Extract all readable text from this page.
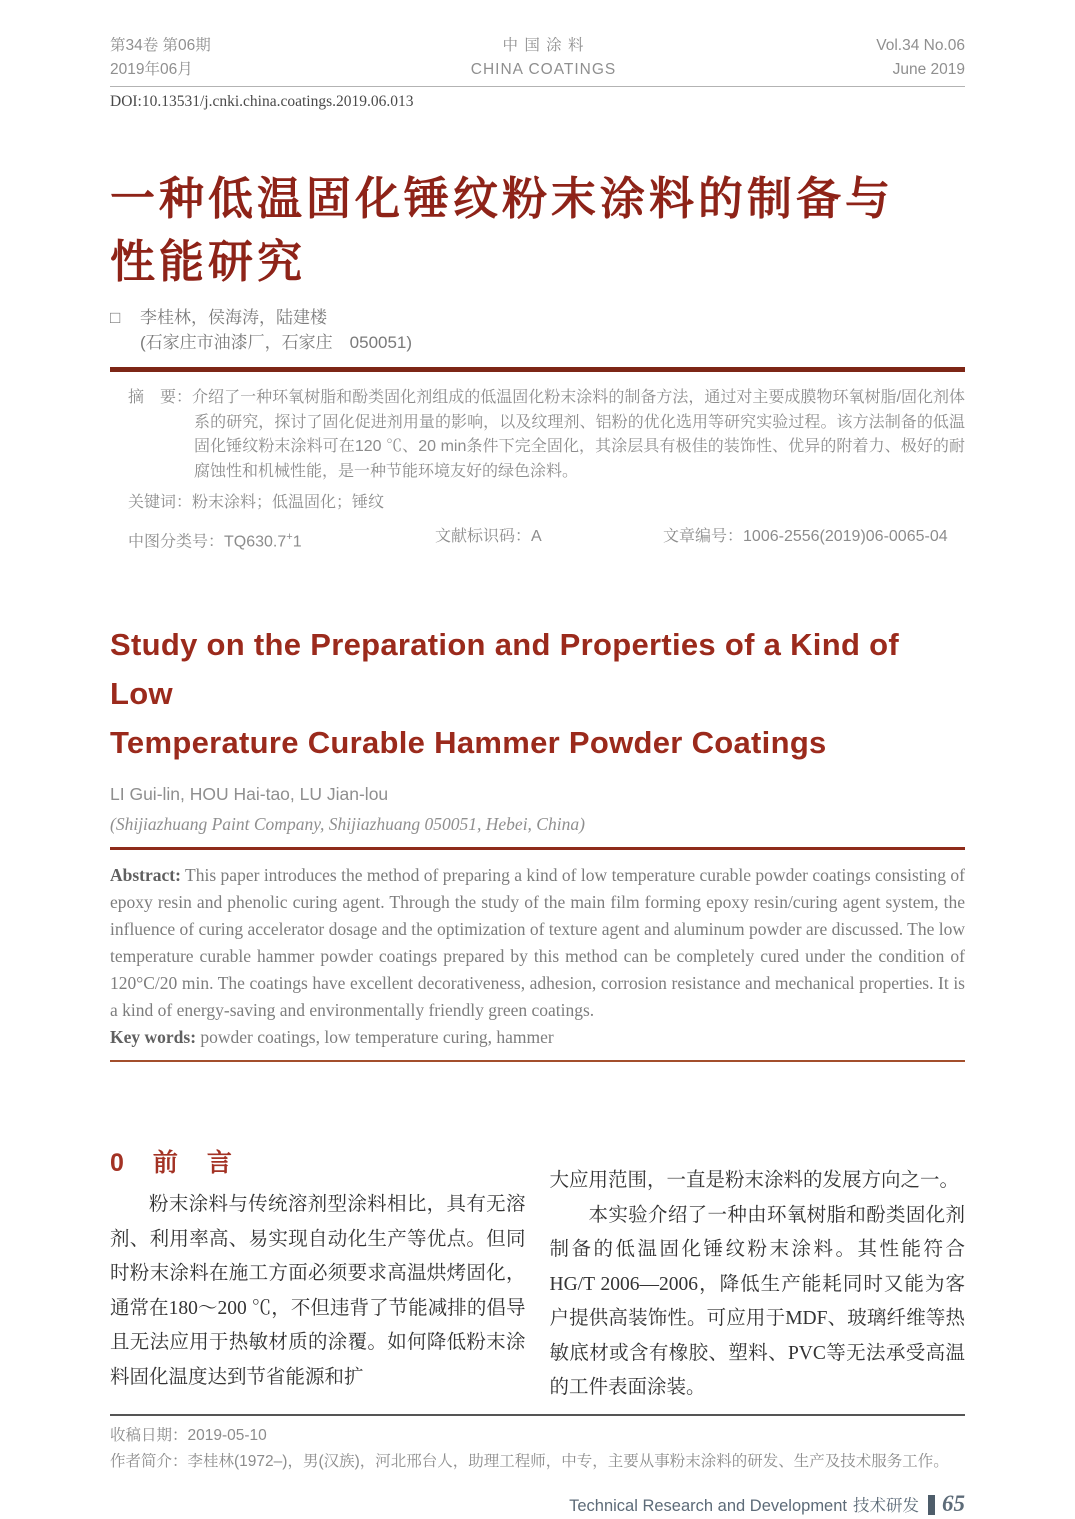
第34卷 第06期
2019年06月
中 国 涂 料
CHINA COATINGS
Vol.34 No.06
June 2019
DOI:10.13531/j.cnki.china.coatings.2019.06.013
一种低温固化锤纹粉末涂料的制备与
性能研究
□ 李桂林，侯海涛，陆建楼
(石家庄市油漆厂，石家庄　050051)

摘　要：介绍了一种环氧树脂和酚类固化剂组成的低温固化粉末涂料的制备方法，通过对主要成膜物环氧树脂/固化剂体系的研究，探讨了固化促进剂用量的影响，以及纹理剂、铝粉的优化选用等研究实验过程。该方法制备的低温固化锤纹粉末涂料可在120 ℃、20 min条件下完全固化，其涂层具有极佳的装饰性、优异的附着力、极好的耐腐蚀性和机械性能，是一种节能环境友好的绿色涂料。

关键词：粉末涂料；低温固化；锤纹

中图分类号：TQ630.7+1	文献标识码：A	文章编号：1006-2556(2019)06-0065-04
Study on the Preparation and Properties of a Kind of Low
Temperature Curable Hammer Powder Coatings
LI Gui-lin, HOU Hai-tao, LU Jian-lou
(Shijiazhuang Paint Company, Shijiazhuang 050051, Hebei, China)

Abstract: This paper introduces the method of preparing a kind of low temperature curable powder coatings consisting of epoxy resin and phenolic curing agent. Through the study of the main film forming epoxy resin/curing agent system, the influence of curing accelerator dosage and the optimization of texture agent and aluminum powder are discussed. The low temperature curable hammer powder coatings prepared by this method can be completely cured under the condition of 120°C/20 min. The coatings have excellent decorativeness, adhesion, corrosion resistance and mechanical properties. It is a kind of energy-saving and environmentally friendly green coatings.

Key words: powder coatings, low temperature curing, hammer

0　前　言

粉末涂料与传统溶剂型涂料相比，具有无溶剂、利用率高、易实现自动化生产等优点。但同时粉末涂料在施工方面必须要求高温烘烤固化，通常在180～200 ℃，不但违背了节能减排的倡导且无法应用于热敏材质的涂覆。如何降低粉末涂料固化温度达到节省能源和扩

大应用范围，一直是粉末涂料的发展方向之一。

本实验介绍了一种由环氧树脂和酚类固化剂制备的低温固化锤纹粉末涂料。其性能符合HG/T 2006—2006，降低生产能耗同时又能为客户提供高装饰性。可应用于MDF、玻璃纤维等热敏底材或含有橡胶、塑料、PVC等无法承受高温的工件表面涂装。

收稿日期：2019-05-10
作者简介：李桂林(1972–)，男(汉族)，河北邢台人，助理工程师，中专，主要从事粉末涂料的研发、生产及技术服务工作。
Technical Research and Development 技术研发 65
